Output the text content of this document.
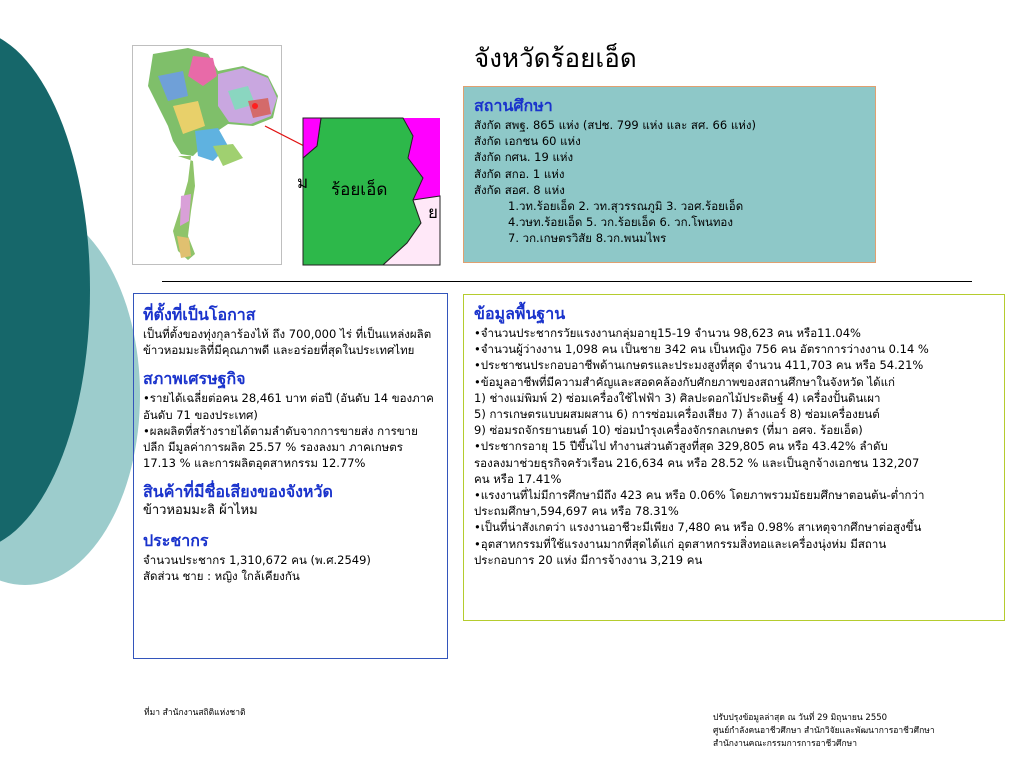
จังหวัดร้อยเอ็ด
ม
ย
ร้อยเอ็ด
สถานศึกษา
สังกัด สพฐ. 865 แห่ง (สปช. 799 แห่ง และ สศ. 66 แห่ง)
สังกัด เอกชน 60 แห่ง
สังกัด กศน. 19 แห่ง
สังกัด สกอ. 1 แห่ง
สังกัด สอศ. 8 แห่ง
1.วท.ร้อยเอ็ด 2. วท.สุวรรณภูมิ 3. วอศ.ร้อยเอ็ด
4.วษท.ร้อยเอ็ด 5. วก.ร้อยเอ็ด 6. วก.โพนทอง
7. วก.เกษตรวิสัย 8.วก.พนมไพร
ที่ตั้งที่เป็นโอกาส
เป็นที่ตั้งของทุ่งกุลาร้องไห้ ถึง 700,000 ไร่ ที่เป็นแหล่งผลิตข้าวหอมมะลิที่มีคุณภาพดี และอร่อยที่สุดในประเทศไทย
สภาพเศรษฐกิจ
•รายได้เฉลี่ยต่อคน 28,461 บาท ต่อปี (อันดับ 14 ของภาค อันดับ 71 ของประเทศ)
•ผลผลิตที่สร้างรายได้ตามลำดับจากการขายส่ง การขายปลีก มีมูลค่าการผลิต 25.57 % รองลงมา ภาคเกษตร 17.13 % และการผลิตอุตสาหกรรม 12.77%
สินค้าที่มีชื่อเสียงของจังหวัด
ข้าวหอมมะลิ ผ้าไหม
ประชากร
จำนวนประชากร 1,310,672 คน (พ.ศ.2549)
สัดส่วน ชาย : หญิง ใกล้เคียงกัน
ข้อมูลพื้นฐาน
•จำนวนประชากรวัยแรงงานกลุ่มอายุ15-19 จำนวน 98,623 คน หรือ11.04%
•จำนวนผู้ว่างงาน 1,098 คน เป็นชาย 342 คน เป็นหญิง 756 คน อัตราการว่างงาน 0.14 %
•ประชาชนประกอบอาชีพด้านเกษตรและประมงสูงที่สุด จำนวน 411,703 คน หรือ 54.21%
•ข้อมูลอาชีพที่มีความสำคัญและสอดคล้องกับศักยภาพของสถานศึกษาในจังหวัด ได้แก่
1) ช่างแม่พิมพ์ 2) ซ่อมเครื่องใช้ไฟฟ้า 3) ศิลปะดอกไม้ประดิษฐ์ 4) เครื่องปั้นดินเผา
5) การเกษตรแบบผสมผสาน 6) การซ่อมเครื่องเสียง 7) ล้างแอร์ 8) ซ่อมเครื่องยนต์
9) ซ่อมรถจักรยานยนต์ 10) ซ่อมบำรุงเครื่องจักรกลเกษตร (ที่มา อศจ. ร้อยเอ็ด)
•ประชากรอายุ 15 ปีขึ้นไป ทำงานส่วนตัวสูงที่สุด 329,805 คน หรือ 43.42% ลำดับ
รองลงมาช่วยธุรกิจครัวเรือน 216,634 คน หรือ 28.52 % และเป็นลูกจ้างเอกชน 132,207
คน หรือ 17.41%
•แรงงานที่ไม่มีการศึกษามีถึง 423 คน หรือ 0.06% โดยภาพรวมมัธยมศึกษาตอนต้น-ต่ำกว่า
ประถมศึกษา,594,697 คน หรือ 78.31%
•เป็นที่น่าสังเกตว่า แรงงานอาชีวะมีเพียง 7,480 คน หรือ 0.98% สาเหตุจากศึกษาต่อสูงขึ้น
•อุตสาหกรรมที่ใช้แรงงานมากที่สุดได้แก่ อุตสาหกรรมสิ่งทอและเครื่องนุ่งห่ม มีสถาน
ประกอบการ 20 แห่ง มีการจ้างงาน 3,219 คน
ที่มา สำนักงานสถิติแห่งชาติ	ปรับปรุงข้อมูลล่าสุด ณ วันที่ 29 มิถุนายน 2550
ศูนย์กำลังคนอาชีวศึกษา สำนักวิจัยและพัฒนาการอาชีวศึกษา
สำนักงานคณะกรรมการการอาชีวศึกษา
